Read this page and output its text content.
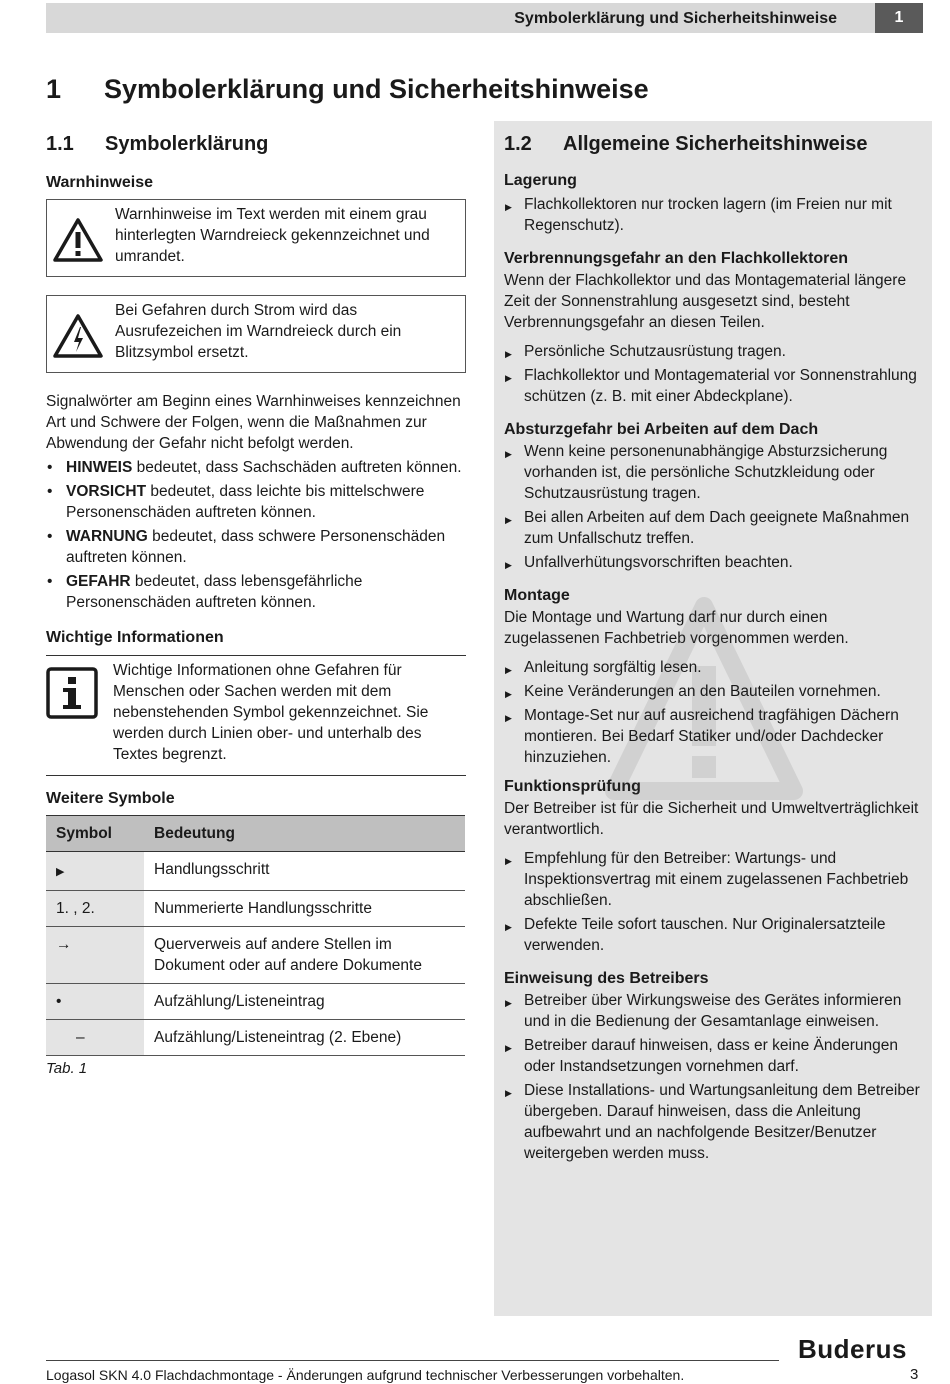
Symbolerklärung und Sicherheitshinweise	1
1 Symbolerklärung und Sicherheitshinweise
1.1 Symbolerklärung
Warnhinweise

Warnhinweise im Text werden mit einem grau hinterlegten Warndreieck gekennzeichnet und umrandet.

Bei Gefahren durch Strom wird das Ausrufezeichen im Warndreieck durch ein Blitzsymbol ersetzt.

Signalwörter am Beginn eines Warnhinweises kennzeichnen Art und Schwere der Folgen, wenn die Maßnahmen zur Abwendung der Gefahr nicht befolgt werden.

• HINWEIS bedeutet, dass Sachschäden auftreten können.
• VORSICHT bedeutet, dass leichte bis mittelschwere Personenschäden auftreten können.
• WARNUNG bedeutet, dass schwere Personenschäden auftreten können.
• GEFAHR bedeutet, dass lebensgefährliche Personenschäden auftreten können.
Wichtige Informationen

Wichtige Informationen ohne Gefahren für Menschen oder Sachen werden mit dem nebenstehenden Symbol gekennzeichnet. Sie werden durch Linien ober- und unterhalb des Textes begrenzt.

Weitere Symbole
Symbol	Bedeutung
▶	Handlungsschritt
1. , 2.	Nummerierte Handlungsschritte
→	Querverweis auf andere Stellen im Dokument oder auf andere Dokumente
•	Aufzählung/Listeneintrag
–	Aufzählung/Listeneintrag (2. Ebene)
Tab. 1
1.2 Allgemeine Sicherheitshinweise
Lagerung
▶ Flachkollektoren nur trocken lagern (im Freien nur mit Regenschutz).
Verbrennungsgefahr an den Flachkollektoren

Wenn der Flachkollektor und das Montagematerial längere Zeit der Sonnenstrahlung ausgesetzt sind, besteht Verbrennungsgefahr an diesen Teilen.

▶ Persönliche Schutzausrüstung tragen.
▶ Flachkollektor und Montagematerial vor Sonnenstrahlung schützen (z. B. mit einer Abdeckplane).
Absturzgefahr bei Arbeiten auf dem Dach
▶ Wenn keine personenunabhängige Absturzsicherung vorhanden ist, die persönliche Schutzkleidung oder Schutzausrüstung tragen.
▶ Bei allen Arbeiten auf dem Dach geeignete Maßnahmen zum Unfallschutz treffen.
▶ Unfallverhütungsvorschriften beachten.
Montage

Die Montage und Wartung darf nur durch einen zugelassenen Fachbetrieb vorgenommen werden.

▶ Anleitung sorgfältig lesen.
▶ Keine Veränderungen an den Bauteilen vornehmen.
▶ Montage-Set nur auf ausreichend tragfähigen Dächern montieren. Bei Bedarf Statiker und/oder Dachdecker hinzuziehen.
Funktionsprüfung

Der Betreiber ist für die Sicherheit und Umweltverträglichkeit verantwortlich.

▶ Empfehlung für den Betreiber: Wartungs- und Inspektionsvertrag mit einem zugelassenen Fachbetrieb abschließen.
▶ Defekte Teile sofort tauschen. Nur Originalersatzteile verwenden.
Einweisung des Betreibers
▶ Betreiber über Wirkungsweise des Gerätes informieren und in die Bedienung der Gesamtanlage einweisen.
▶ Betreiber darauf hinweisen, dass er keine Änderungen oder Instandsetzungen vornehmen darf.
▶ Diese Installations- und Wartungsanleitung dem Betreiber übergeben. Darauf hinweisen, dass die Anleitung aufbewahrt und an nachfolgende Besitzer/Benutzer weitergeben werden muss.
Buderus
Logasol SKN 4.0 Flachdachmontage - Änderungen aufgrund technischer Verbesserungen vorbehalten.	3
